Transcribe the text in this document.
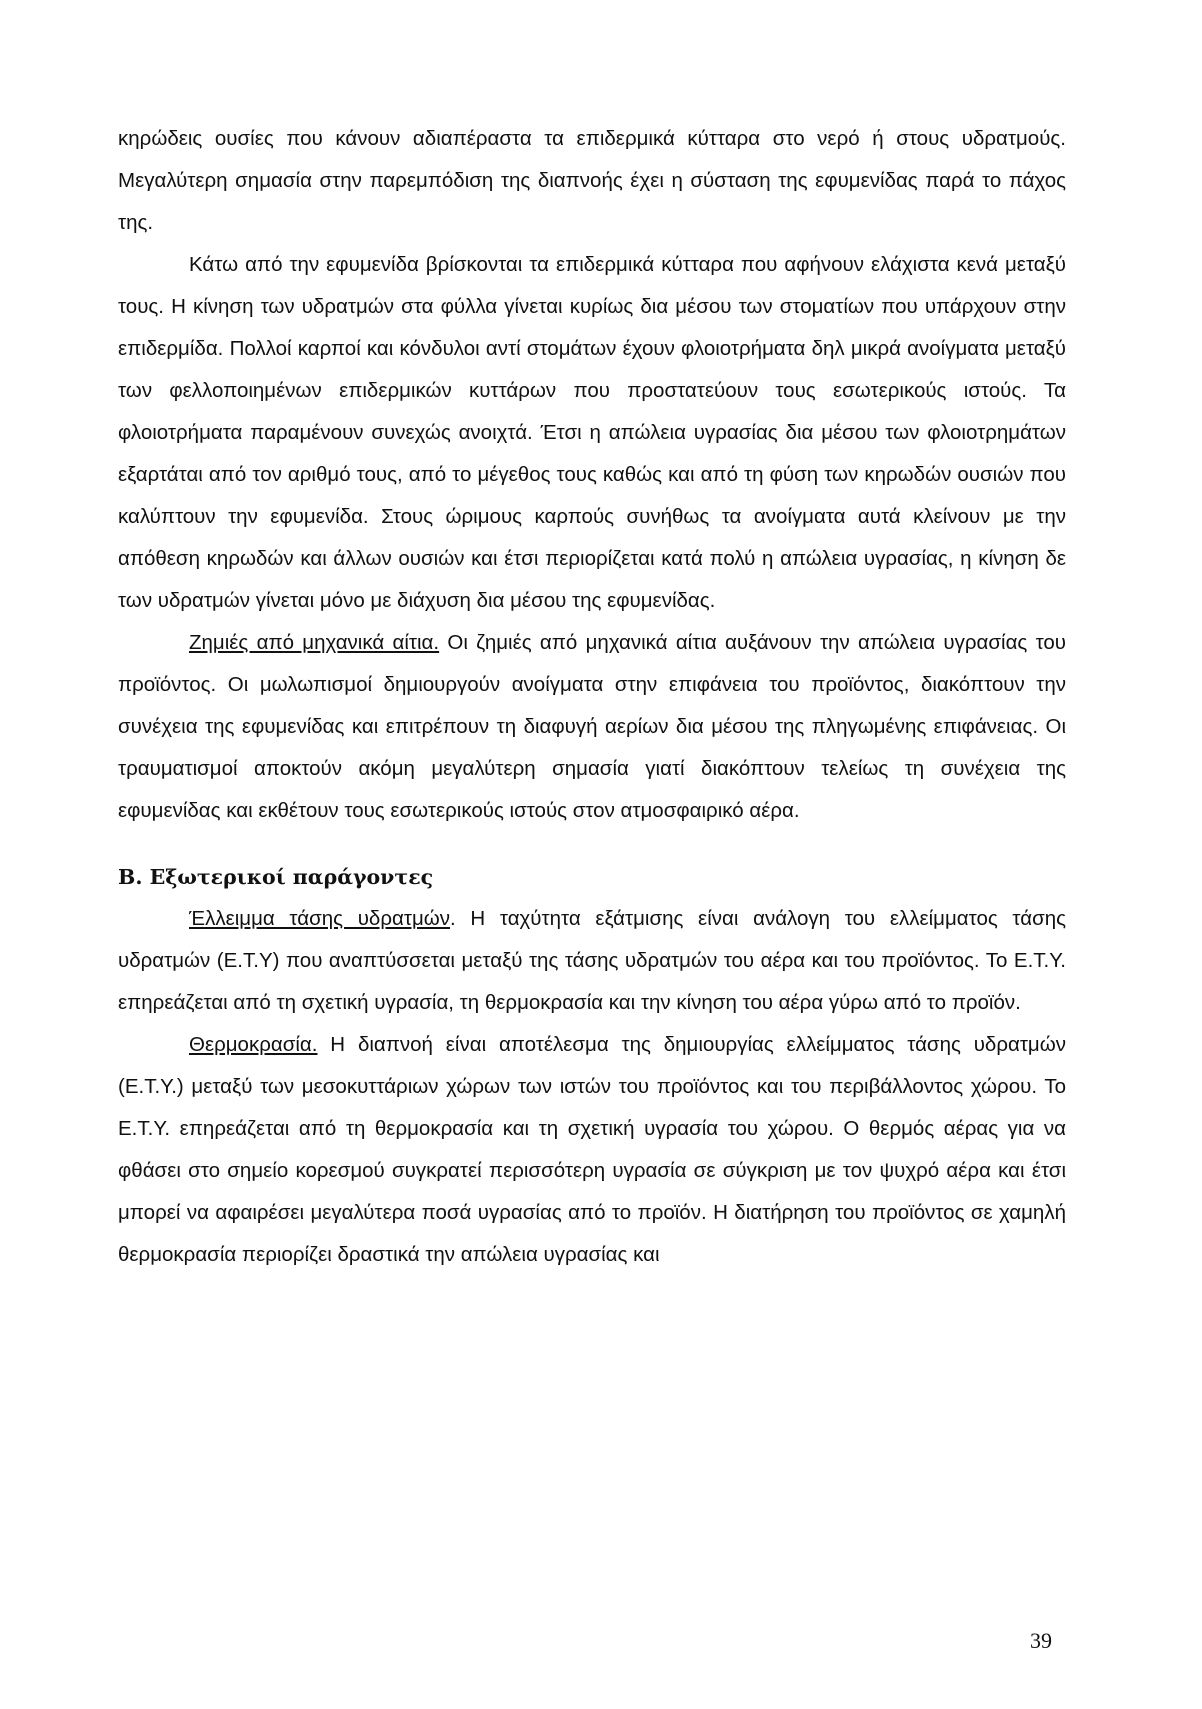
κηρώδεις ουσίες που κάνουν αδιαπέραστα τα επιδερμικά κύτταρα στο νερό ή στους υδρατμούς. Μεγαλύτερη σημασία στην παρεμπόδιση της διαπνοής έχει η σύσταση της εφυμενίδας παρά το πάχος της.

Κάτω από την εφυμενίδα βρίσκονται τα επιδερμικά κύτταρα που αφήνουν ελάχιστα κενά μεταξύ τους. Η κίνηση των υδρατμών στα φύλλα γίνεται κυρίως δια μέσου των στοματίων που υπάρχουν στην επιδερμίδα. Πολλοί καρποί και κόνδυλοι αντί στομάτων έχουν φλοιοτρήματα δηλ μικρά ανοίγματα μεταξύ των φελλοποιημένων επιδερμικών κυττάρων που προστατεύουν τους εσωτερικούς ιστούς. Τα φλοιοτρήματα παραμένουν συνεχώς ανοιχτά. Έτσι η απώλεια υγρασίας δια μέσου των φλοιοτρημάτων εξαρτάται από τον αριθμό τους, από το μέγεθος τους καθώς και από τη φύση των κηρωδών ουσιών που καλύπτουν την εφυμενίδα. Στους ώριμους καρπούς συνήθως τα ανοίγματα αυτά κλείνουν με την απόθεση κηρωδών και άλλων ουσιών και έτσι περιορίζεται κατά πολύ η απώλεια υγρασίας, η κίνηση δε των υδρατμών γίνεται μόνο με διάχυση δια μέσου της εφυμενίδας.

Ζημιές από μηχανικά αίτια. Οι ζημιές από μηχανικά αίτια αυξάνουν την απώλεια υγρασίας του προϊόντος. Οι μωλωπισμοί δημιουργούν ανοίγματα στην επιφάνεια του προϊόντος, διακόπτουν την συνέχεια της εφυμενίδας και επιτρέπουν τη διαφυγή αερίων δια μέσου της πληγωμένης επιφάνειας. Οι τραυματισμοί αποκτούν ακόμη μεγαλύτερη σημασία γιατί διακόπτουν τελείως τη συνέχεια της εφυμενίδας και εκθέτουν τους εσωτερικούς ιστούς στον ατμοσφαιρικό αέρα.

Β. Εξωτερικοί παράγοντες

Έλλειμμα τάσης υδρατμών. Η ταχύτητα εξάτμισης είναι ανάλογη του ελλείμματος τάσης υδρατμών (Ε.Τ.Υ) που αναπτύσσεται μεταξύ της τάσης υδρατμών του αέρα και του προϊόντος. Το Ε.Τ.Υ. επηρεάζεται από τη σχετική υγρασία, τη θερμοκρασία και την κίνηση του αέρα γύρω από το προϊόν.

Θερμοκρασία. Η διαπνοή είναι αποτέλεσμα της δημιουργίας ελλείμματος τάσης υδρατμών (Ε.Τ.Υ.) μεταξύ των μεσοκυττάριων χώρων των ιστών του προϊόντος και του περιβάλλοντος χώρου. Το Ε.Τ.Υ. επηρεάζεται από τη θερμοκρασία και τη σχετική υγρασία του χώρου. Ο θερμός αέρας για να φθάσει στο σημείο κορεσμού συγκρατεί περισσότερη υγρασία σε σύγκριση με τον ψυχρό αέρα και έτσι μπορεί να αφαιρέσει μεγαλύτερα ποσά υγρασίας από το προϊόν. Η διατήρηση του προϊόντος σε χαμηλή θερμοκρασία περιορίζει δραστικά την απώλεια υγρασίας και

39
